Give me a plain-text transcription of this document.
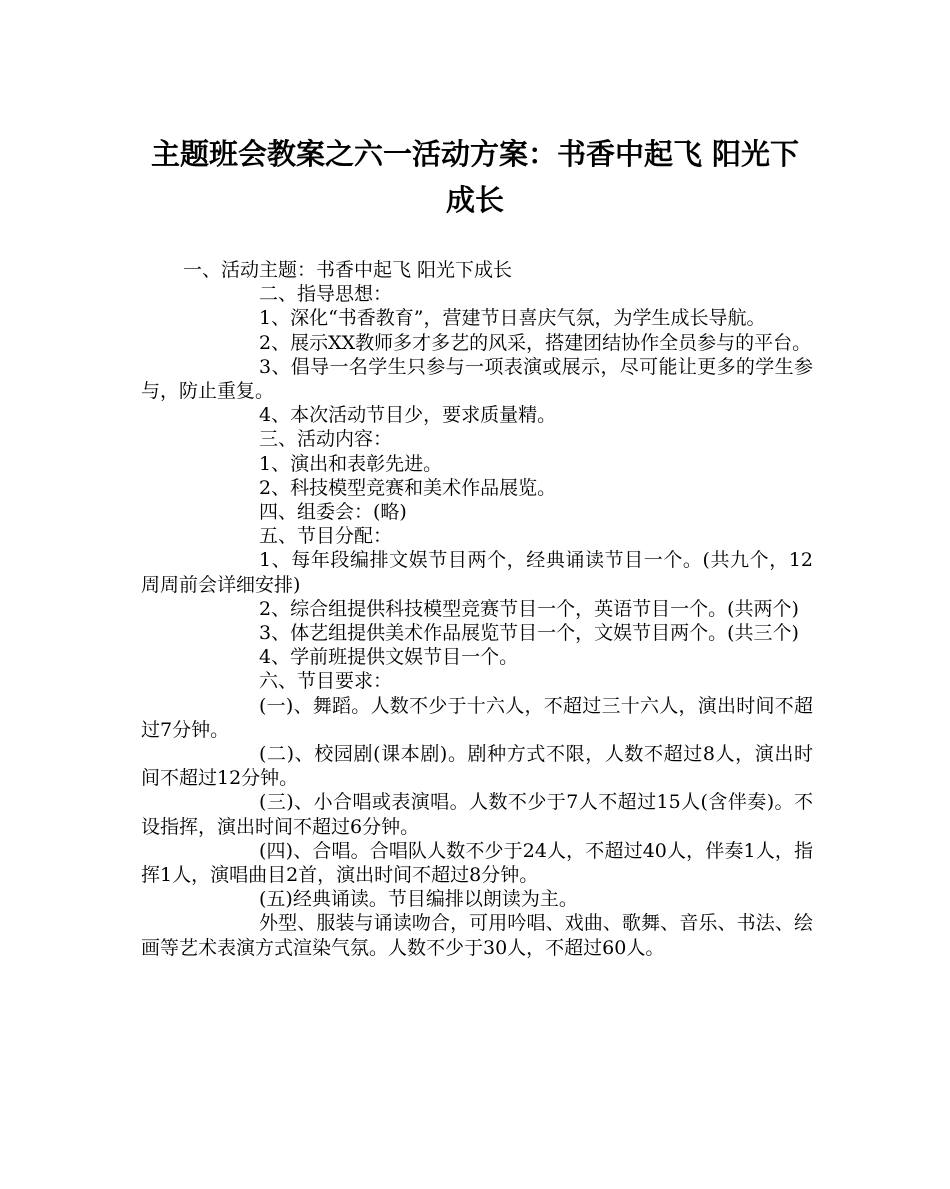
主题班会教案之六一活动方案：书香中起飞 阳光下成长

一、活动主题：书香中起飞 阳光下成长

二、指导思想：

1、深化“书香教育”，营建节日喜庆气氛，为学生成长导航。

2、展示XX教师多才多艺的风采，搭建团结协作全员参与的平台。

3、倡导一名学生只参与一项表演或展示，尽可能让更多的学生参与，防止重复。

4、本次活动节目少，要求质量精。

三、活动内容：

1、演出和表彰先进。

2、科技模型竞赛和美术作品展览。

四、组委会：(略)

五、节目分配：

1、每年段编排文娱节目两个，经典诵读节目一个。(共九个，12周周前会详细安排)

2、综合组提供科技模型竞赛节目一个，英语节目一个。(共两个)

3、体艺组提供美术作品展览节目一个，文娱节目两个。(共三个)

4、学前班提供文娱节目一个。

六、节目要求：

(一)、舞蹈。人数不少于十六人，不超过三十六人，演出时间不超过7分钟。

(二)、校园剧(课本剧)。剧种方式不限，人数不超过8人，演出时间不超过12分钟。

(三)、小合唱或表演唱。人数不少于7人不超过15人(含伴奏)。不设指挥，演出时间不超过6分钟。

(四)、合唱。合唱队人数不少于24人，不超过40人，伴奏1人，指挥1人，演唱曲目2首，演出时间不超过8分钟。

(五)经典诵读。节目编排以朗读为主。

外型、服装与诵读吻合，可用吟唱、戏曲、歌舞、音乐、书法、绘画等艺术表演方式渲染气氛。人数不少于30人，不超过60人。
